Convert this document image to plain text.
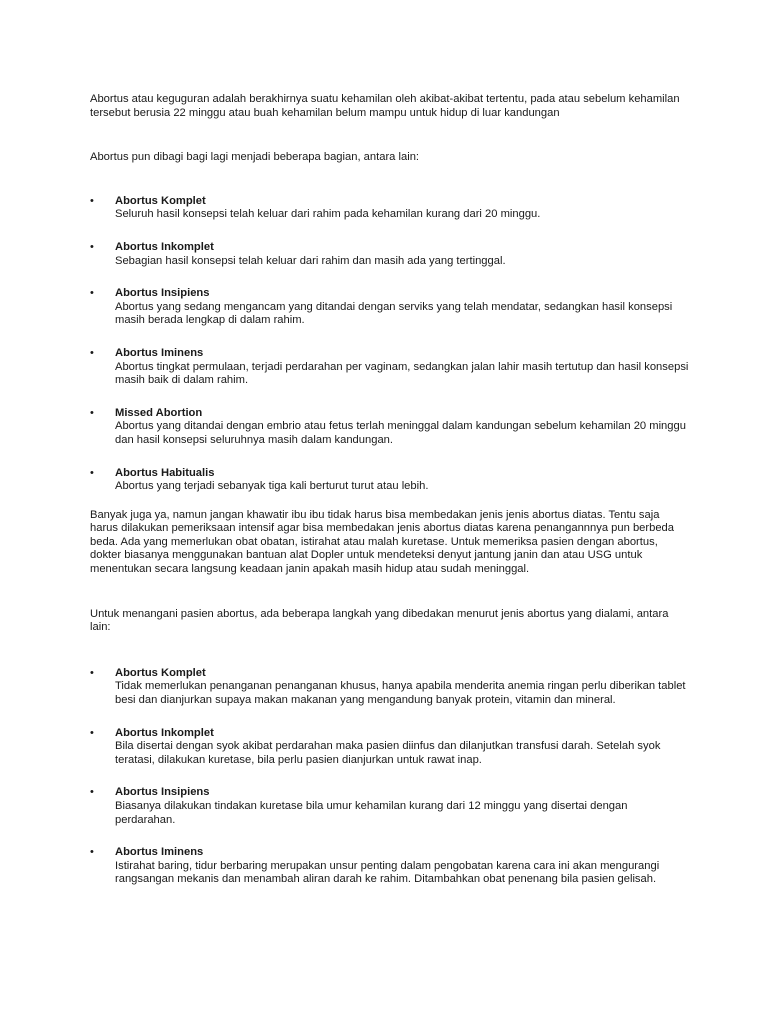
Abortus atau keguguran adalah berakhirnya suatu kehamilan oleh akibat-akibat tertentu, pada atau sebelum kehamilan tersebut berusia 22 minggu atau buah kehamilan belum mampu untuk hidup di luar kandungan

Abortus pun dibagi bagi lagi menjadi beberapa bagian, antara lain:

•	Abortus Komplet
Seluruh hasil konsepsi telah keluar dari rahim pada kehamilan kurang dari 20 minggu.
•	Abortus Inkomplet
Sebagian hasil konsepsi telah keluar dari rahim dan masih ada yang tertinggal.
•	Abortus Insipiens
Abortus yang sedang mengancam yang ditandai dengan serviks yang telah mendatar, sedangkan hasil konsepsi masih berada lengkap di dalam rahim.
•	Abortus Iminens
Abortus tingkat permulaan, terjadi perdarahan per vaginam, sedangkan jalan lahir masih tertutup dan hasil konsepsi masih baik di dalam rahim.
•	Missed Abortion
Abortus yang ditandai dengan embrio atau fetus terlah meninggal dalam kandungan sebelum kehamilan 20 minggu dan hasil konsepsi seluruhnya masih dalam kandungan.
•	Abortus Habitualis
Abortus yang terjadi sebanyak tiga kali berturut turut atau lebih.

Banyak juga ya, namun jangan khawatir ibu ibu tidak harus bisa membedakan jenis jenis abortus diatas. Tentu saja harus dilakukan pemeriksaan intensif agar bisa membedakan jenis abortus diatas karena penangannnya pun berbeda beda. Ada yang memerlukan obat obatan, istirahat atau malah kuretase. Untuk memeriksa pasien dengan abortus, dokter biasanya menggunakan bantuan alat Dopler untuk mendeteksi denyut jantung janin dan atau USG untuk menentukan secara langsung keadaan janin apakah masih hidup atau sudah meninggal.

Untuk menangani pasien abortus, ada beberapa langkah yang dibedakan menurut jenis abortus yang dialami, antara lain:

•	Abortus Komplet
Tidak memerlukan penanganan penanganan khusus, hanya apabila menderita anemia ringan perlu diberikan tablet besi dan dianjurkan supaya makan makanan yang mengandung banyak protein, vitamin dan mineral.
•	Abortus Inkomplet
Bila disertai dengan syok akibat perdarahan maka pasien diinfus dan dilanjutkan transfusi darah. Setelah syok teratasi, dilakukan kuretase, bila perlu pasien dianjurkan untuk rawat inap.
•	Abortus Insipiens
Biasanya dilakukan tindakan kuretase bila umur kehamilan kurang dari 12 minggu yang disertai dengan perdarahan.
•	Abortus Iminens
Istirahat baring, tidur berbaring merupakan unsur penting dalam pengobatan karena cara ini akan mengurangi rangsangan mekanis dan menambah aliran darah ke rahim. Ditambahkan obat penenang bila pasien gelisah.
